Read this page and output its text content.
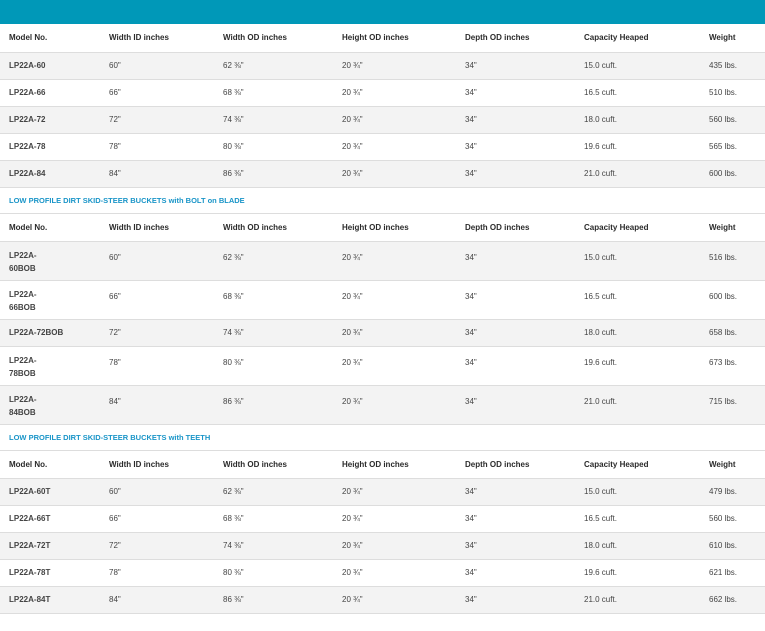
Model No.	Width ID inches	Width OD inches	Height OD inches	Depth OD inches	Capacity Heaped	Weight
LP22A-60	60"	62 ⅜"	20 ¾"	34"	15.0 cuft.	435 lbs.
LP22A-66	66"	68 ⅜"	20 ¾"	34"	16.5 cuft.	510 lbs.
LP22A-72	72"	74 ⅜"	20 ¾"	34"	18.0 cuft.	560 lbs.
LP22A-78	78"	80 ⅜"	20 ¾"	34"	19.6 cuft.	565 lbs.
LP22A-84	84"	86 ⅜"	20 ¾"	34"	21.0 cuft.	600 lbs.
LOW PROFILE DIRT SKID-STEER BUCKETS with BOLT on BLADE						
Model No.	Width ID inches	Width OD inches	Height OD inches	Depth OD inches	Capacity Heaped	Weight
LP22A-
60BOB	60"	62 ⅜"	20 ¾"	34"	15.0 cuft.	516 lbs.
LP22A-
66BOB	66"	68 ⅜"	20 ¾"	34"	16.5 cuft.	600 lbs.
LP22A-72BOB	72"	74 ⅜"	20 ¾"	34"	18.0 cuft.	658 lbs.
LP22A-
78BOB	78"	80 ⅜"	20 ¾"	34"	19.6 cuft.	673 lbs.
LP22A-
84BOB	84"	86 ⅜"	20 ¾"	34"	21.0 cuft.	715 lbs.
LOW PROFILE DIRT SKID-STEER BUCKETS with TEETH						
Model No.	Width ID inches	Width OD inches	Height OD inches	Depth OD inches	Capacity Heaped	Weight
LP22A-60T	60"	62 ⅜"	20 ¾"	34"	15.0 cuft.	479 lbs.
LP22A-66T	66"	68 ⅜"	20 ¾"	34"	16.5 cuft.	560 lbs.
LP22A-72T	72"	74 ⅜"	20 ¾"	34"	18.0 cuft.	610 lbs.
LP22A-78T	78"	80 ⅜"	20 ¾"	34"	19.6 cuft.	621 lbs.
LP22A-84T	84"	86 ⅜"	20 ¾"	34"	21.0 cuft.	662 lbs.
